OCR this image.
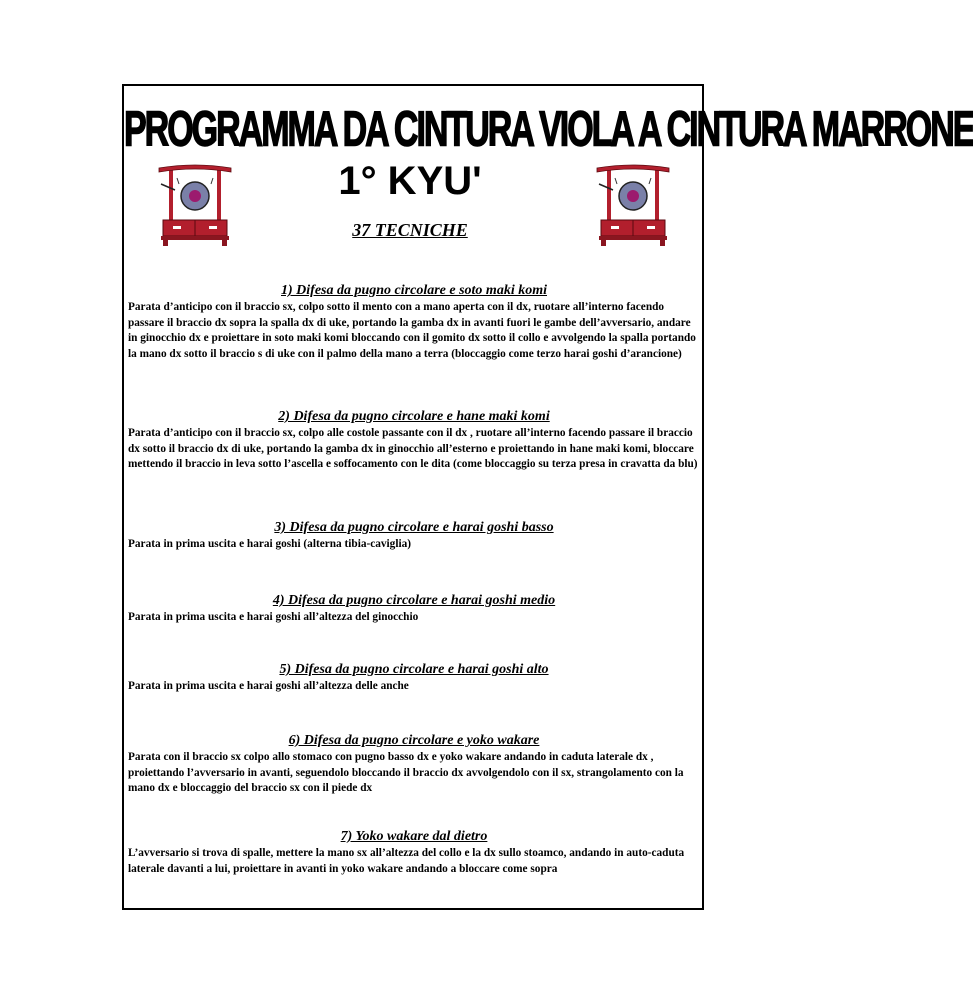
PROGRAMMA DA CINTURA VIOLA A CINTURA MARRONE
1° KYU'
37 TECNICHE
1) Difesa da pugno circolare e soto maki komi
Parata d’anticipo con il braccio sx, colpo sotto il mento con a mano aperta con il dx, ruotare all’interno facendo passare il braccio dx sopra la spalla dx di uke, portando la gamba dx in avanti fuori le gambe dell’avversario, andare in ginocchio dx e proiettare in soto maki komi bloccando con il gomito dx sotto il collo e avvolgendo la spalla portando la mano dx sotto il braccio s di uke con il palmo della mano a terra (bloccaggio come terzo harai goshi d’arancione)
2) Difesa da pugno circolare e hane maki komi
Parata d’anticipo con il braccio sx, colpo alle costole passante con il dx , ruotare all’interno facendo passare il braccio dx sotto il braccio dx di uke, portando la gamba dx in ginocchio all’esterno e proiettando in hane maki komi, bloccare mettendo il braccio in leva sotto l’ascella e soffocamento con le dita (come bloccaggio su terza presa in cravatta da blu)
3) Difesa da pugno circolare e harai goshi basso
Parata in prima uscita e harai goshi (alterna tibia-caviglia)
4) Difesa da pugno circolare e harai goshi medio
Parata in prima uscita e harai goshi all’altezza del ginocchio
5) Difesa da pugno circolare e harai goshi alto
Parata in prima uscita e harai goshi all’altezza delle anche
6) Difesa da pugno circolare e yoko wakare
Parata con il braccio sx colpo allo stomaco con pugno basso dx e yoko wakare andando in caduta laterale dx , proiettando l’avversario in avanti, seguendolo bloccando il braccio dx avvolgendolo con il sx, strangolamento con la mano dx e bloccaggio del braccio sx con il piede dx
7) Yoko wakare dal dietro
L’avversario si trova di spalle, mettere la mano sx all’altezza del collo e la dx sullo stoamco, andando in auto-caduta laterale davanti a lui, proiettare in avanti in yoko wakare andando a bloccare come sopra
